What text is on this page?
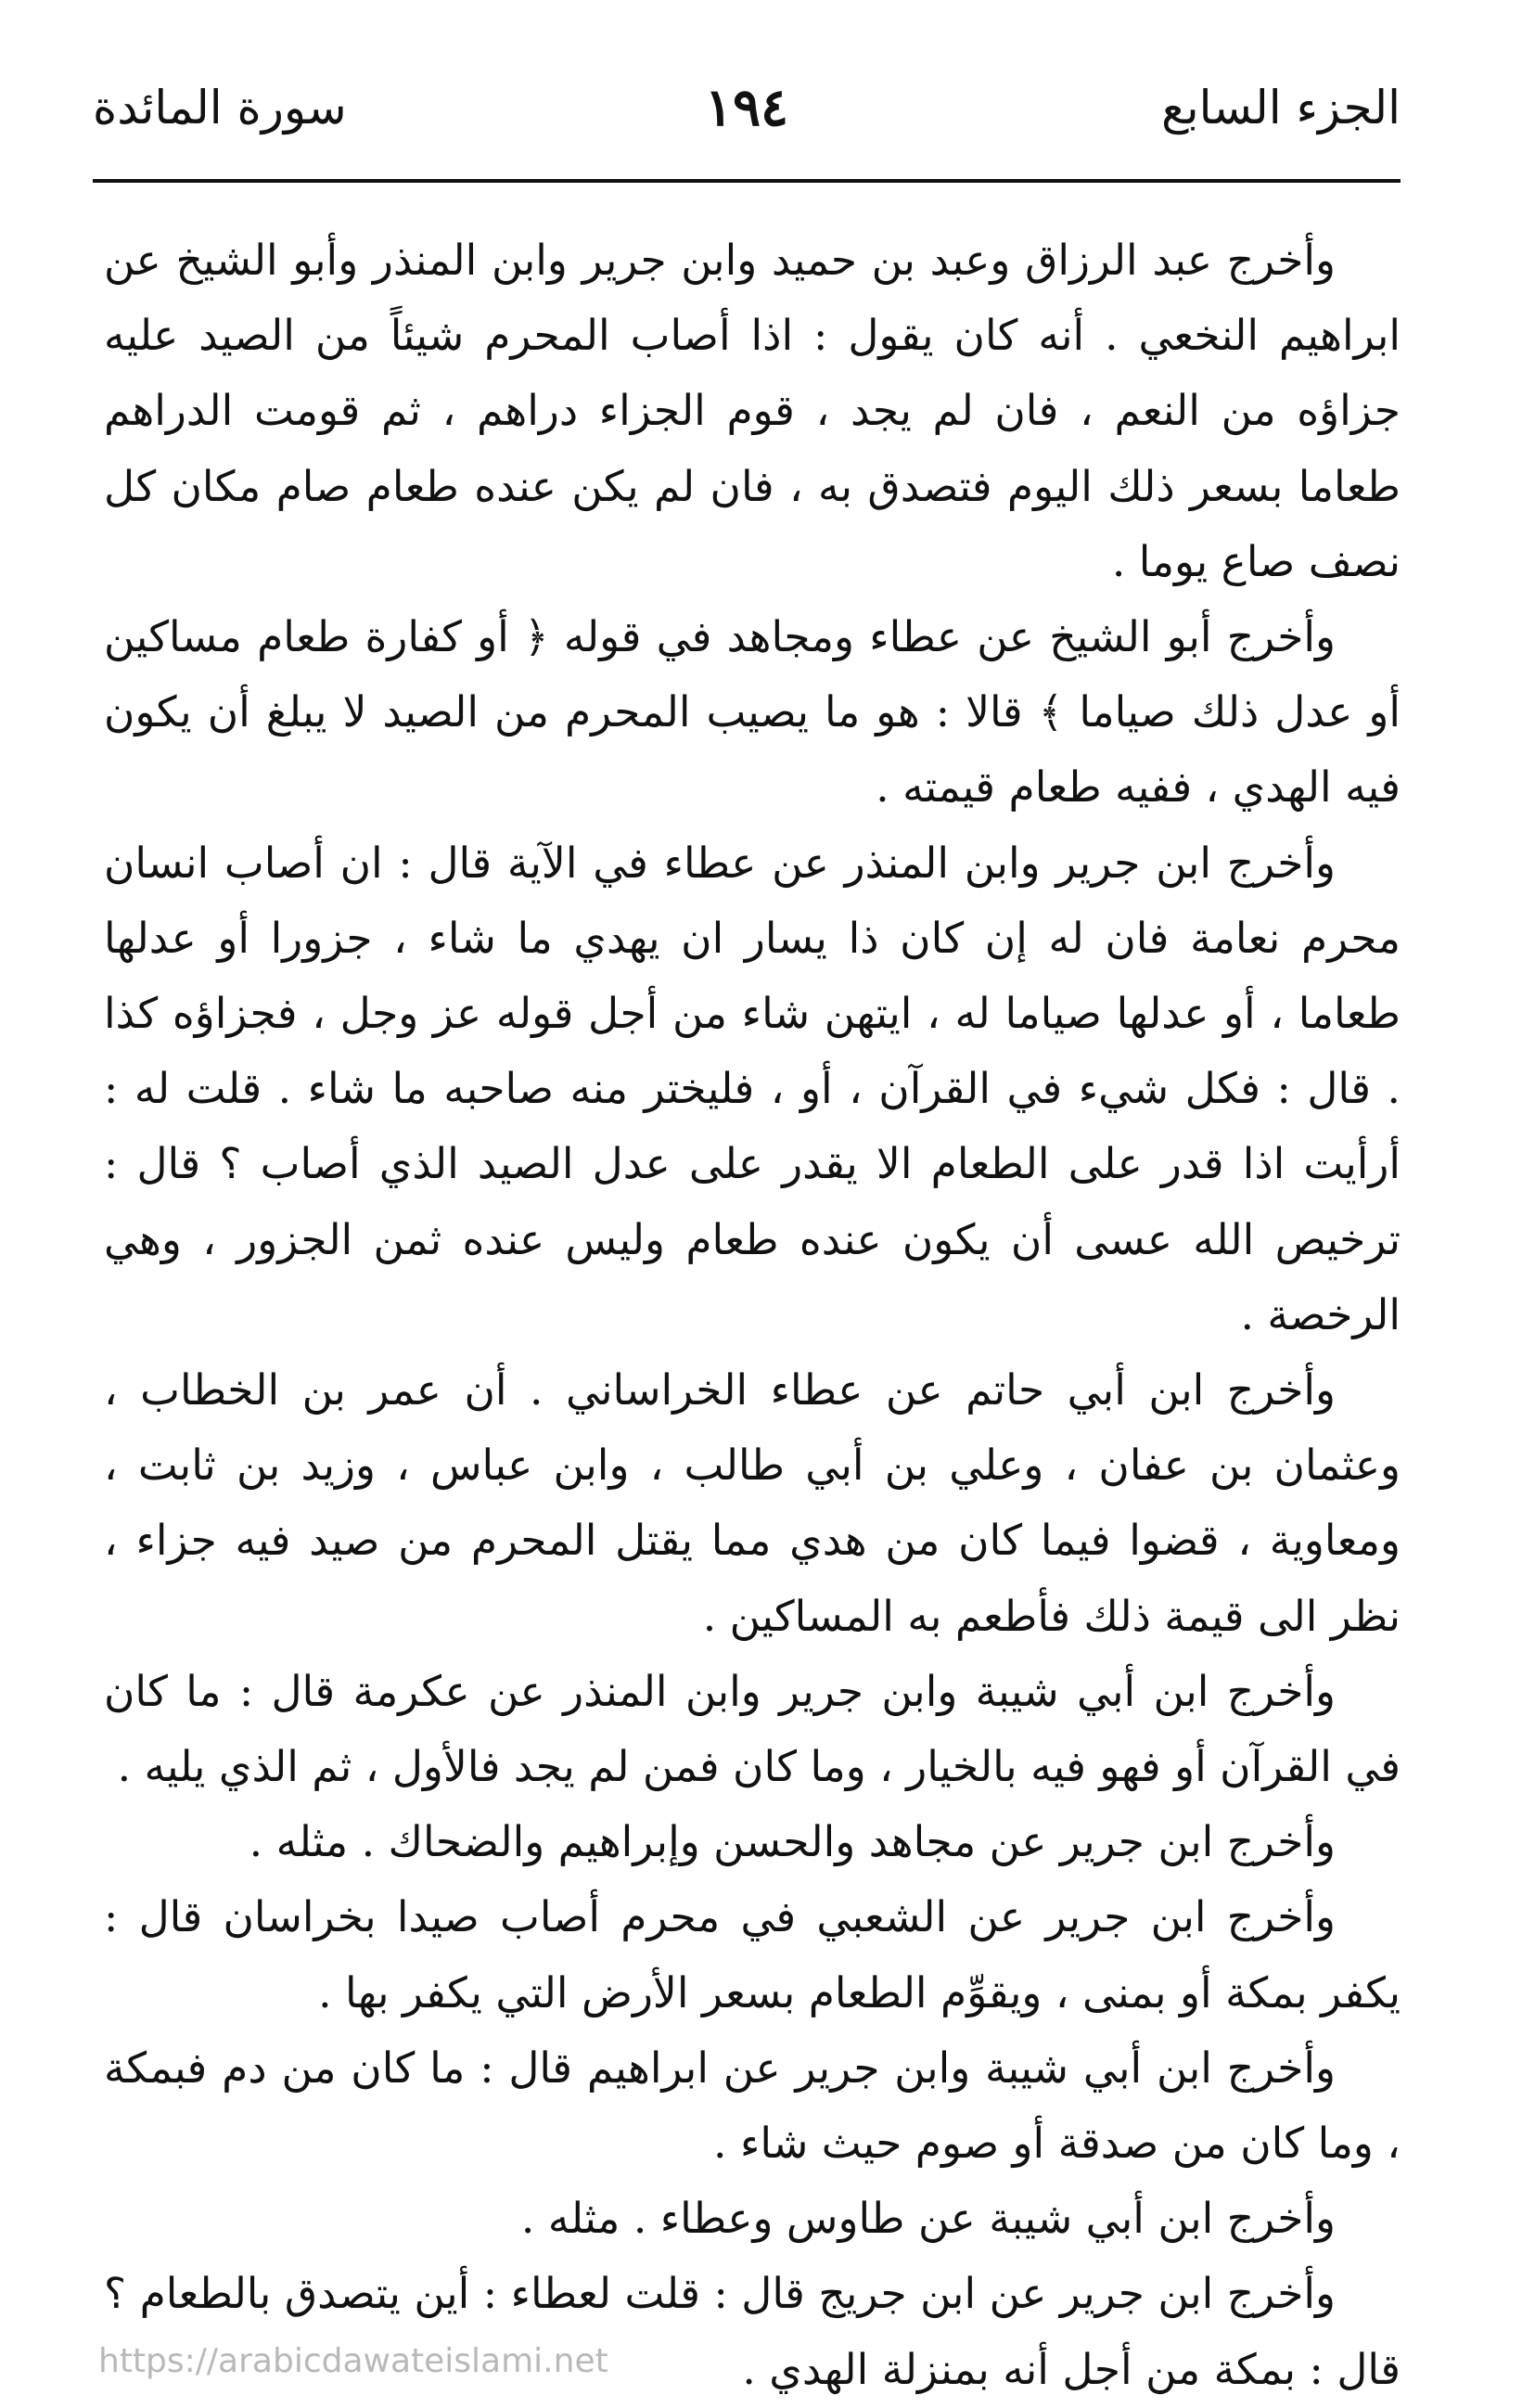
الجزء السابع
١٩٤
سورة المائدة

وأخرج عبد الرزاق وعبد بن حميد وابن جرير وابن المنذر وأبو الشيخ عن ابراهيم النخعي . أنه كان يقول : اذا أصاب المحرم شيئاً من الصيد عليه جزاؤه من النعم ، فان لم يجد ، قوم الجزاء دراهم ، ثم قومت الدراهم طعاما بسعر ذلك اليوم فتصدق به ، فان لم يكن عنده طعام صام مكان كل نصف صاع يوما .

وأخرج أبو الشيخ عن عطاء ومجاهد في قوله ﴿ أو كفارة طعام مساكين أو عدل ذلك صياما ﴾ قالا : هو ما يصيب المحرم من الصيد لا يبلغ أن يكون فيه الهدي ، ففيه طعام قيمته .

وأخرج ابن جرير وابن المنذر عن عطاء في الآية قال : ان أصاب انسان محرم نعامة فان له إن كان ذا يسار ان يهدي ما شاء ، جزورا أو عدلها طعاما ، أو عدلها صياما له ، ايتهن شاء من أجل قوله عز وجل ، فجزاؤه كذا . قال : فكل شيء في القرآن ، أو ، فليختر منه صاحبه ما شاء . قلت له : أرأيت اذا قدر على الطعام الا يقدر على عدل الصيد الذي أصاب ؟ قال : ترخيص الله عسى أن يكون عنده طعام وليس عنده ثمن الجزور ، وهي الرخصة .

وأخرج ابن أبي حاتم عن عطاء الخراساني . أن عمر بن الخطاب ، وعثمان بن عفان ، وعلي بن أبي طالب ، وابن عباس ، وزيد بن ثابت ، ومعاوية ، قضوا فيما كان من هدي مما يقتل المحرم من صيد فيه جزاء ، نظر الى قيمة ذلك فأطعم به المساكين .

وأخرج ابن أبي شيبة وابن جرير وابن المنذر عن عكرمة قال : ما كان في القرآن أو فهو فيه بالخيار ، وما كان فمن لم يجد فالأول ، ثم الذي يليه .

وأخرج ابن جرير عن مجاهد والحسن وإبراهيم والضحاك . مثله .

وأخرج ابن جرير عن الشعبي في محرم أصاب صيدا بخراسان قال : يكفر بمكة أو بمنى ، ويقوِّم الطعام بسعر الأرض التي يكفر بها .

وأخرج ابن أبي شيبة وابن جرير عن ابراهيم قال : ما كان من دم فبمكة ، وما كان من صدقة أو صوم حيث شاء .

وأخرج ابن أبي شيبة عن طاوس وعطاء . مثله .

وأخرج ابن جرير عن ابن جريج قال : قلت لعطاء : أين يتصدق بالطعام ؟ قال : بمكة من أجل أنه بمنزلة الهدي .

https://arabicdawateislami.net
